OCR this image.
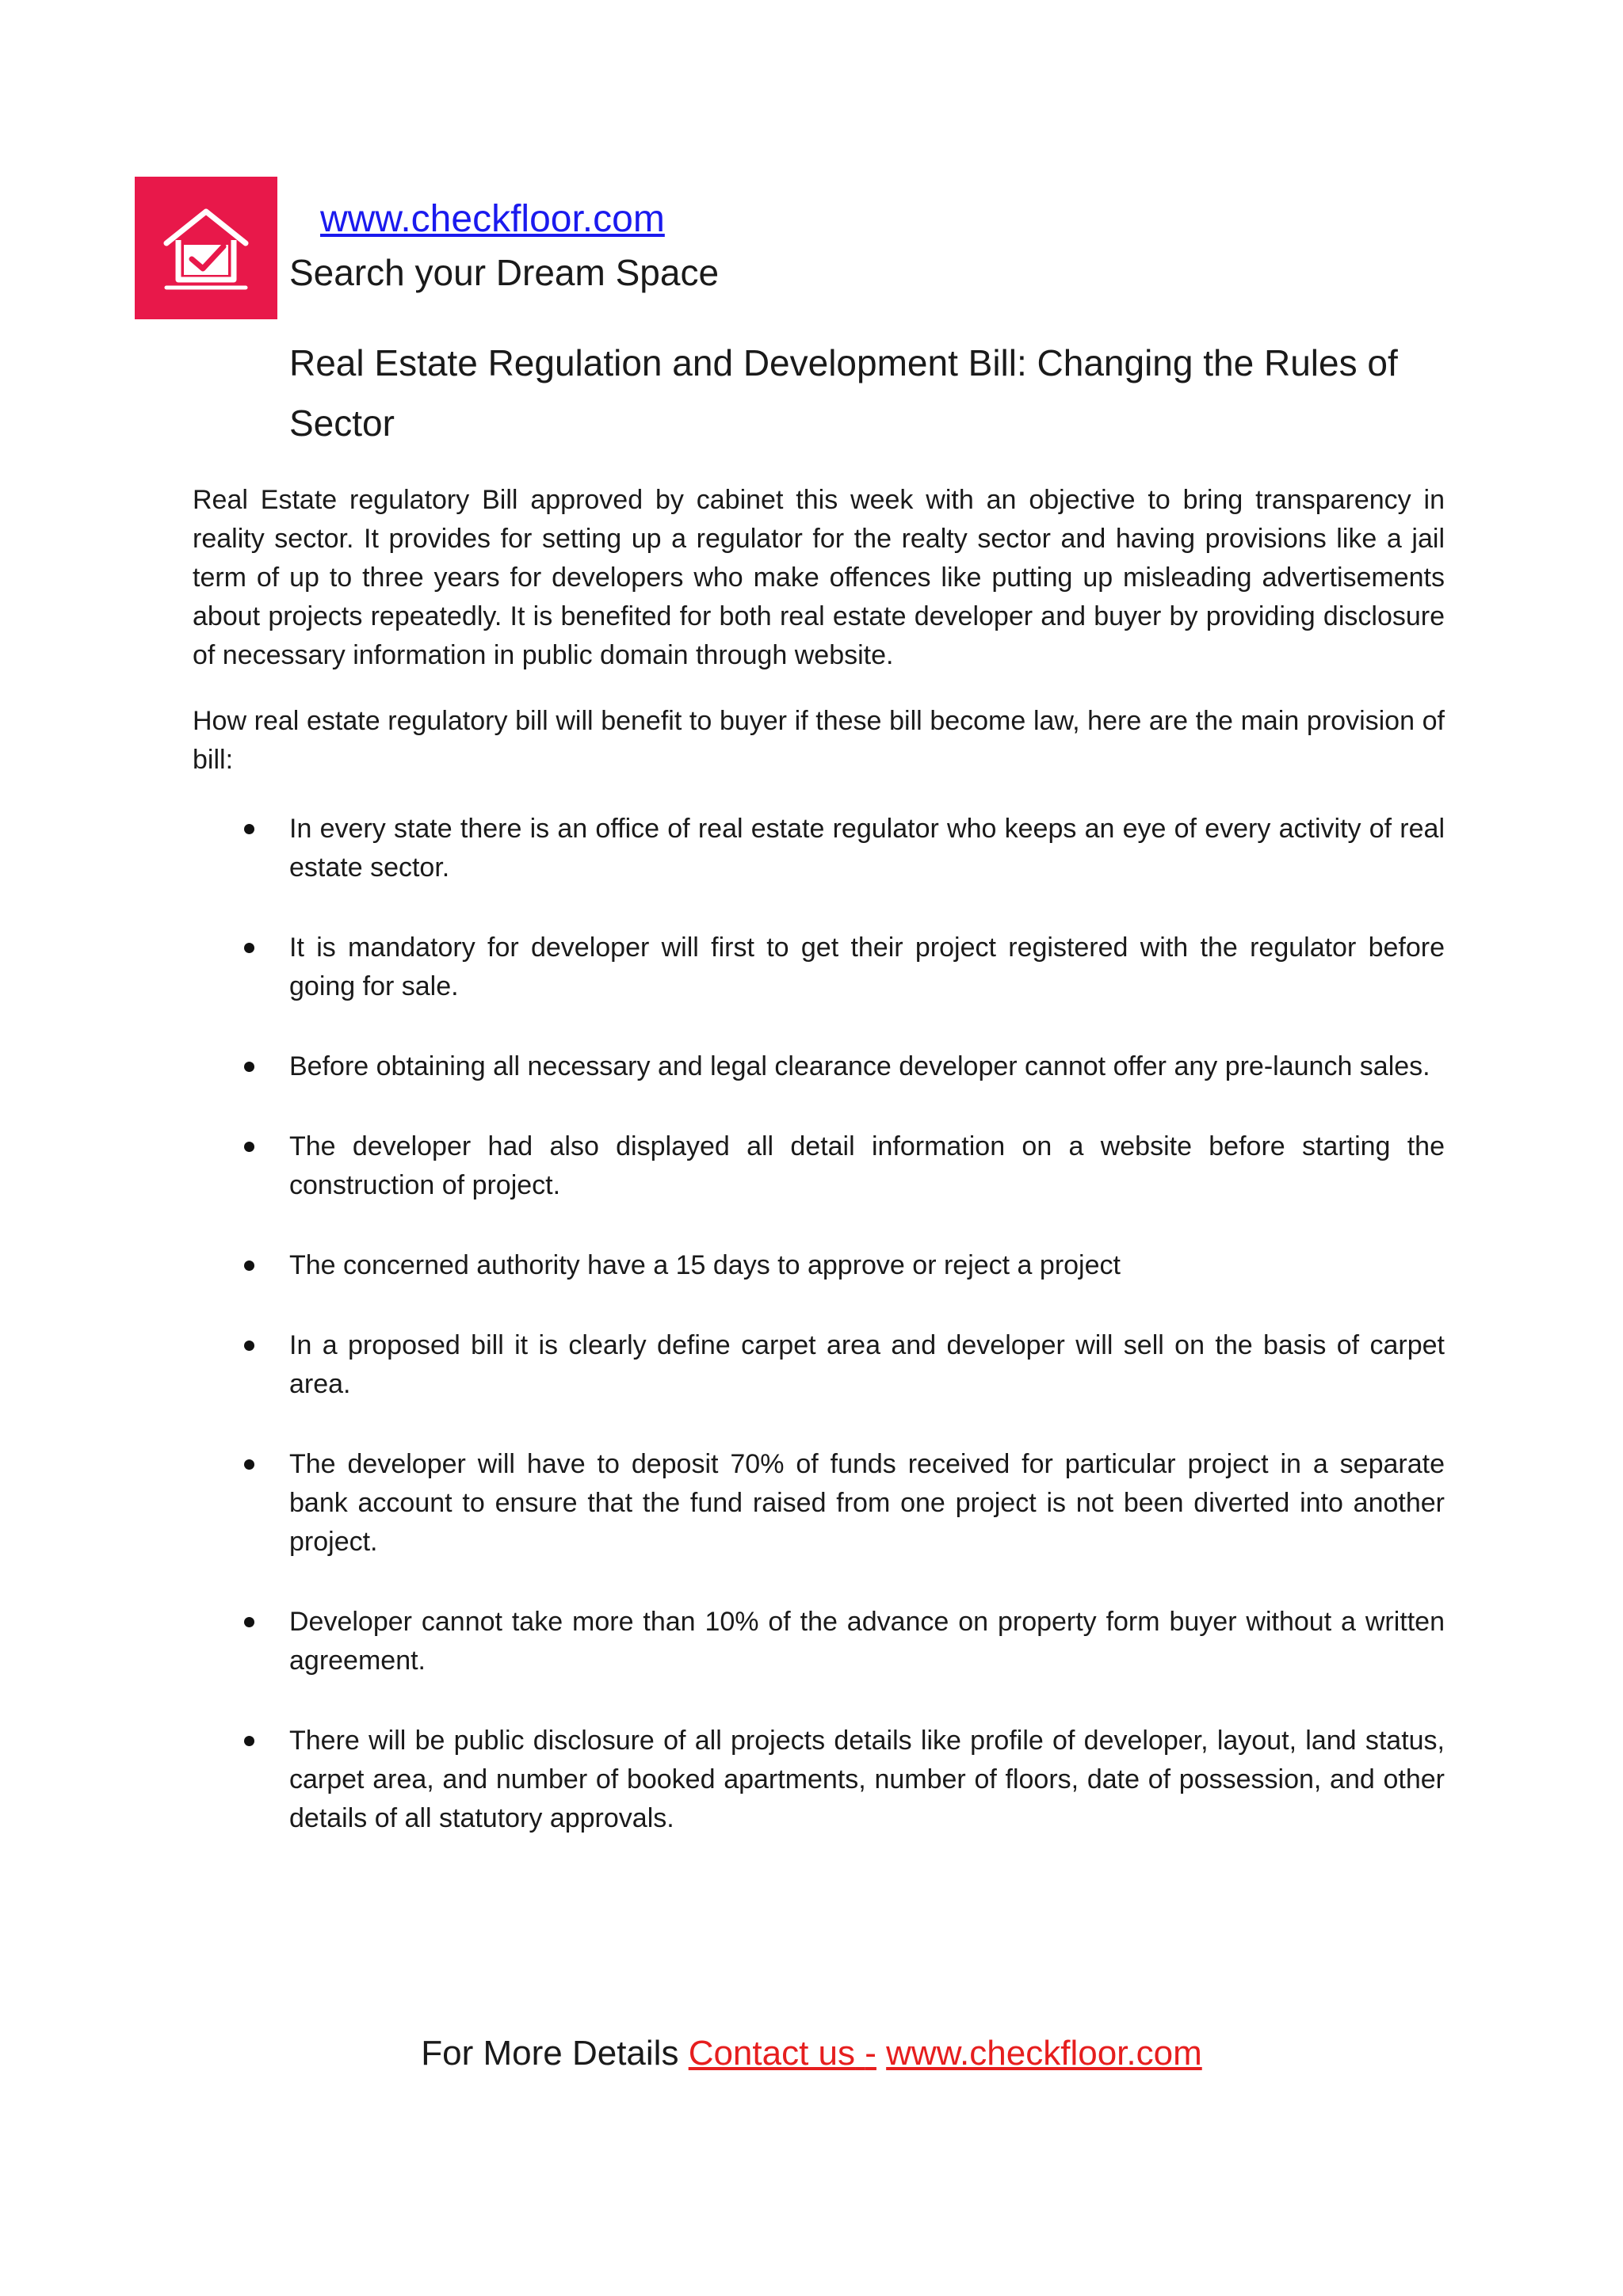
www.checkfloor.com
Search your Dream Space
Real Estate Regulation and Development Bill: Changing the Rules of Sector

Real Estate regulatory Bill approved by cabinet this week with an objective to bring transparency in reality sector. It provides for setting up a regulator for the realty sector and having provisions like a jail term of up to three years for developers who make offences like putting up misleading advertisements about projects repeatedly. It is benefited for both real estate developer and buyer by providing disclosure of necessary information in public domain through website.

How real estate regulatory bill will benefit to buyer if these bill become law, here are the main provision of bill:

In every state there is an office of real estate regulator who keeps an eye of every activity of real estate sector.
It is mandatory for developer will first to get their project registered with the regulator before going for sale.
Before obtaining all necessary and legal clearance developer cannot offer any pre-launch sales.
The developer had also displayed all detail information on a website before starting the construction of project.
The concerned authority have a 15 days to approve or reject a project
In a proposed bill it is clearly define carpet area and developer will sell on the basis of carpet area.
The developer will have to deposit 70% of funds received for particular project in a separate bank account to ensure that the fund raised from one project is not been diverted into another project.
Developer cannot take more than 10% of the advance on property form buyer without a written agreement.
There will be public disclosure of all projects details like profile of developer, layout, land status, carpet area, and number of booked apartments, number of floors, date of possession, and other details of all statutory approvals.
For More Details Contact us - www.checkfloor.com
